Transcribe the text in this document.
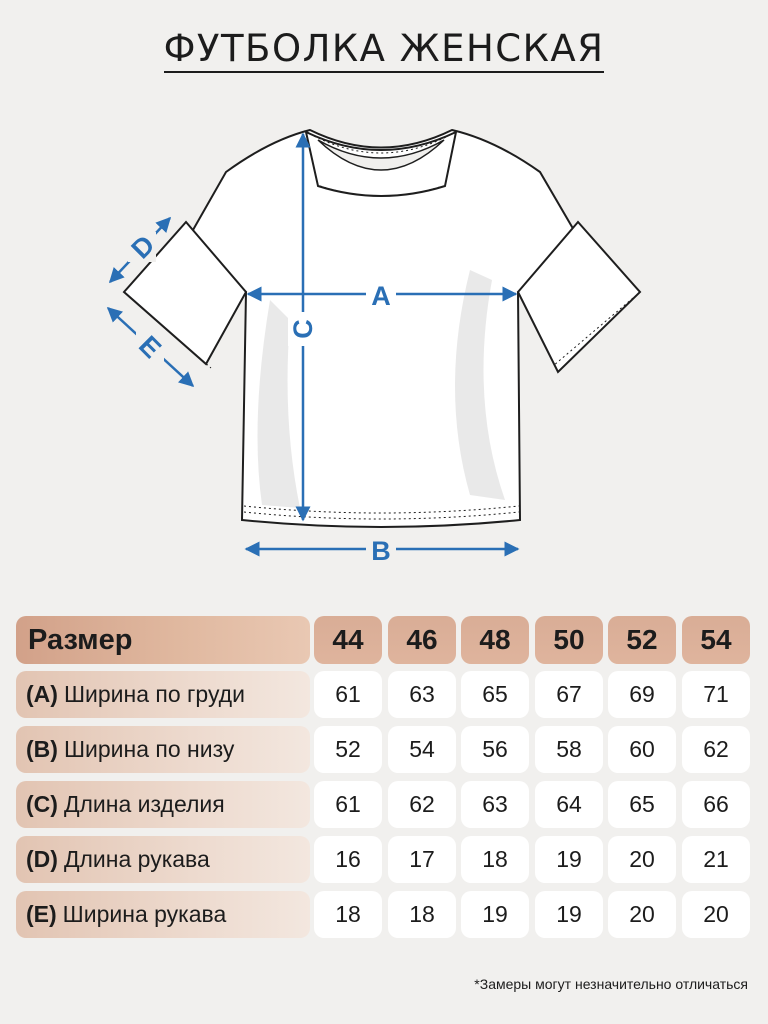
ФУТБОЛКА ЖЕНСКАЯ
A
B
C
D
E
Размер	44	46	48	50	52	54
(A) Ширина по груди	61	63	65	67	69	71
(B) Ширина по низу	52	54	56	58	60	62
(C) Длина изделия	61	62	63	64	65	66
(D) Длина рукава	16	17	18	19	20	21
(E) Ширина рукава	18	18	19	19	20	20
*Замеры могут незначительно отличаться
